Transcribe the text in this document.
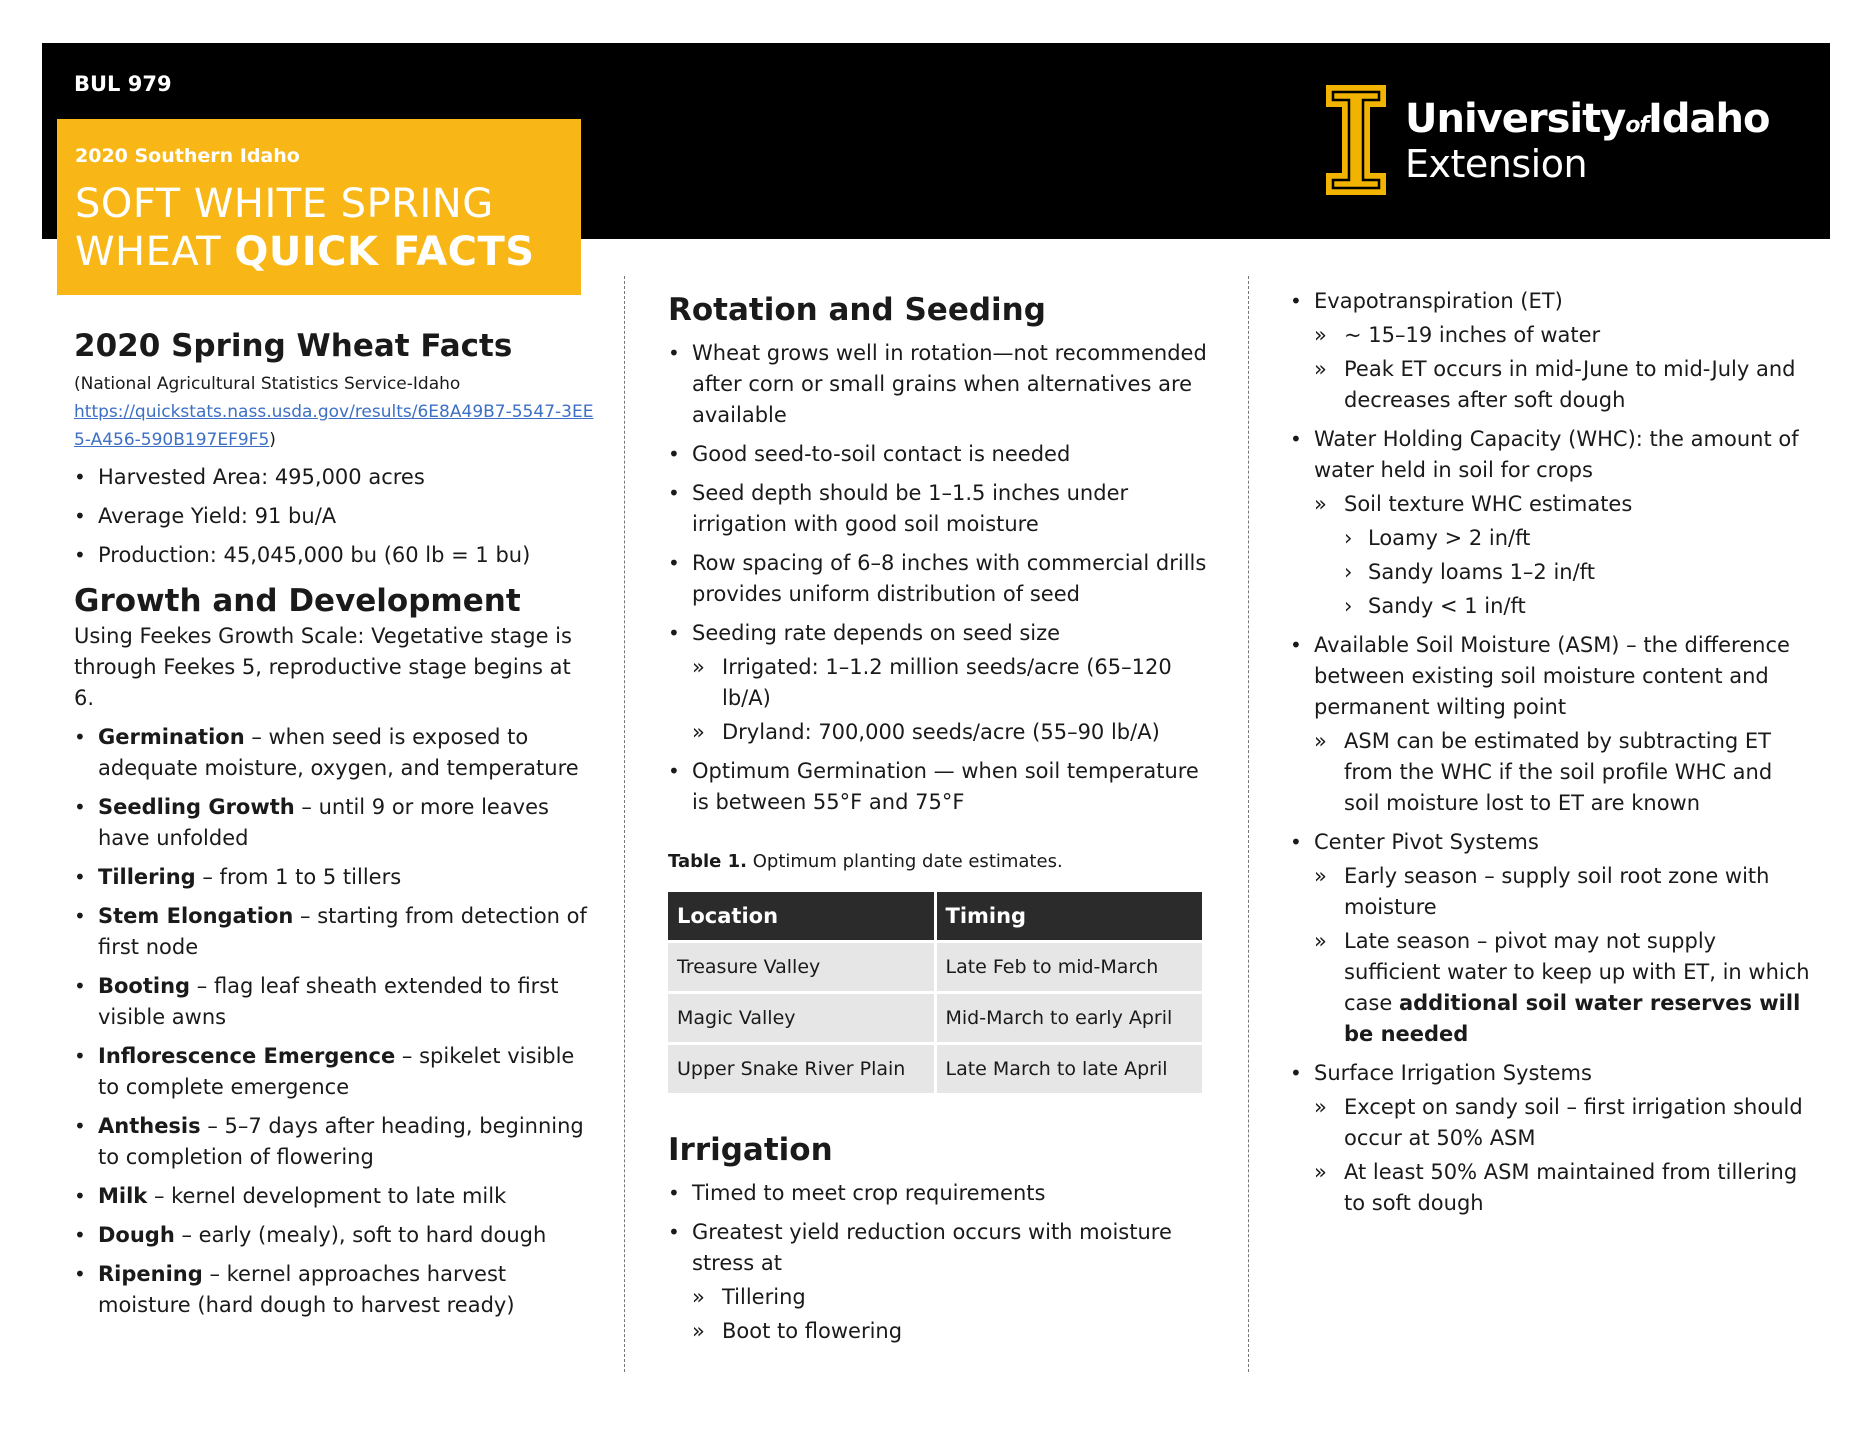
BUL 979
2020 Southern Idaho
SOFT WHITE SPRING
WHEAT QUICK FACTS
UniversityofIdaho
Extension
2020 Spring Wheat Facts
(National Agricultural Statistics Service-Idaho
https://quickstats.nass.usda.gov/results/6E8A49B7-5547-3EE5-A456-590B197EF9F5)
• Harvested Area: 495,000 acres
• Average Yield: 91 bu/A
• Production: 45,045,000 bu (60 lb = 1 bu)
Growth and Development

Using Feekes Growth Scale: Vegetative stage is through Feekes 5, reproductive stage begins at 6.

• Germination – when seed is exposed to adequate moisture, oxygen, and temperature
• Seedling Growth – until 9 or more leaves have unfolded
• Tillering – from 1 to 5 tillers
• Stem Elongation – starting from detection of first node
• Booting – flag leaf sheath extended to first visible awns
• Inflorescence Emergence – spikelet visible to complete emergence
• Anthesis – 5–7 days after heading, beginning to completion of flowering
• Milk – kernel development to late milk
• Dough – early (mealy), soft to hard dough
• Ripening – kernel approaches harvest moisture (hard dough to harvest ready)
Rotation and Seeding
• Wheat grows well in rotation—not recommended after corn or small grains when alternatives are available
• Good seed-to-soil contact is needed
• Seed depth should be 1–1.5 inches under irrigation with good soil moisture
• Row spacing of 6–8 inches with commercial drills provides uniform distribution of seed
• Seeding rate depends on seed size
» Irrigated: 1–1.2 million seeds/acre (65–120 lb/A)
» Dryland: 700,000 seeds/acre (55–90 lb/A)
• Optimum Germination — when soil temperature is between 55°F and 75°F
Table 1. Optimum planting date estimates.
Location	Timing
Treasure Valley	Late Feb to mid-March
Magic Valley	Mid-March to early April
Upper Snake River Plain	Late March to late April
Irrigation
• Timed to meet crop requirements
• Greatest yield reduction occurs with moisture stress at
» Tillering
» Boot to flowering
• Evapotranspiration (ET)
» ~ 15–19 inches of water
» Peak ET occurs in mid-June to mid-July and decreases after soft dough
• Water Holding Capacity (WHC): the amount of water held in soil for crops
» Soil texture WHC estimates
› Loamy > 2 in/ft
› Sandy loams 1–2 in/ft
› Sandy < 1 in/ft
• Available Soil Moisture (ASM) – the difference between existing soil moisture content and permanent wilting point
» ASM can be estimated by subtracting ET from the WHC if the soil profile WHC and soil moisture lost to ET are known
• Center Pivot Systems
» Early season – supply soil root zone with moisture
» Late season – pivot may not supply sufficient water to keep up with ET, in which case additional soil water reserves will be needed
• Surface Irrigation Systems
» Except on sandy soil – first irrigation should occur at 50% ASM
» At least 50% ASM maintained from tillering to soft dough
